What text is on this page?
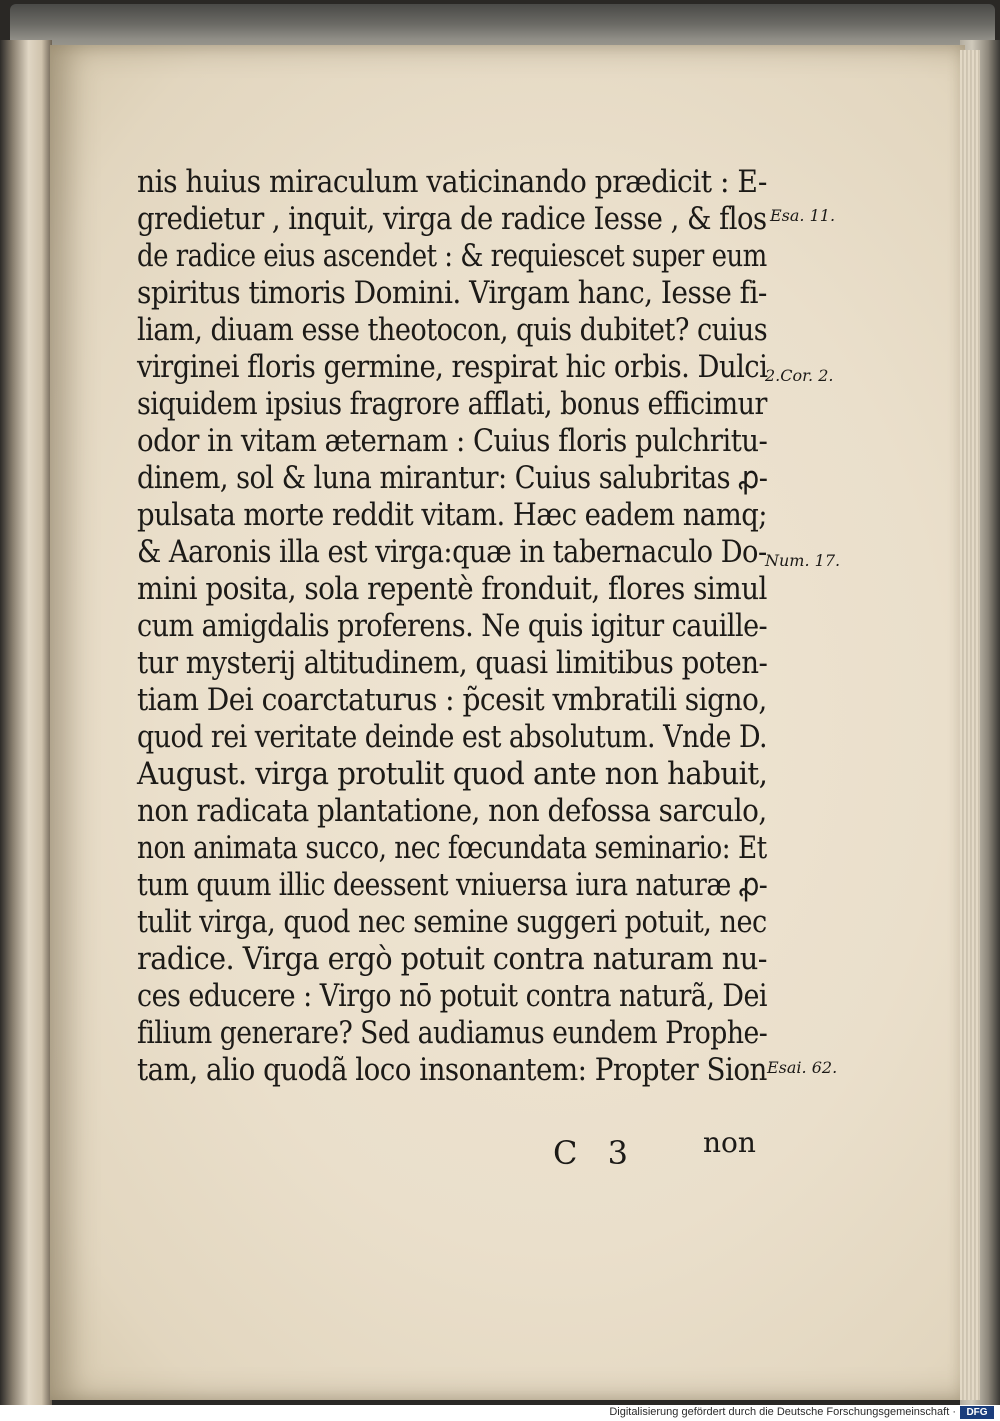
nis huius miraculum vaticinando prædicit : E-
gredietur , inquit, virga de radice Iesse , & flos
de radice eius ascendet : & requiescet super eum
spiritus timoris Domini. Virgam hanc, Iesse fi-
liam, diuam esse theotocon, quis dubitet? cuius
virginei floris germine, respirat hic orbis. Dulci
siquidem ipsius fragrore afflati, bonus efficimur
odor in vitam æternam : Cuius floris pulchritu-
dinem, sol & luna mirantur: Cuius salubritas ꝓ-
pulsata morte reddit vitam. Hæc eadem namq;
& Aaronis illa est virga:quæ in tabernaculo Do-
mini posita, sola repentè fronduit, flores simul
cum amigdalis proferens. Ne quis igitur cauille-
tur mysterij altitudinem, quasi limitibus poten-
tiam Dei coarctaturus : p̃cesit vmbratili signo,
quod rei veritate deinde est absolutum. Vnde D.
August. virga protulit quod ante non habuit,
non radicata plantatione, non defossa sarculo,
non animata succo, nec fœcundata seminario: Et
tum quum illic deessent vniuersa iura naturæ ꝓ-
tulit virga, quod nec semine suggeri potuit, nec
radice. Virga ergò potuit contra naturam nu-
ces educere : Virgo nō potuit contra naturã, Dei
filium generare? Sed audiamus eundem Prophe-
tam, alio quodã loco insonantem: Propter Sion
Esa. 11.
2.Cor. 2.
Num. 17.
Esai. 62.
C 3 non
Digitalisierung gefördert durch die Deutsche Forschungsgemeinschaft ·	DFG
